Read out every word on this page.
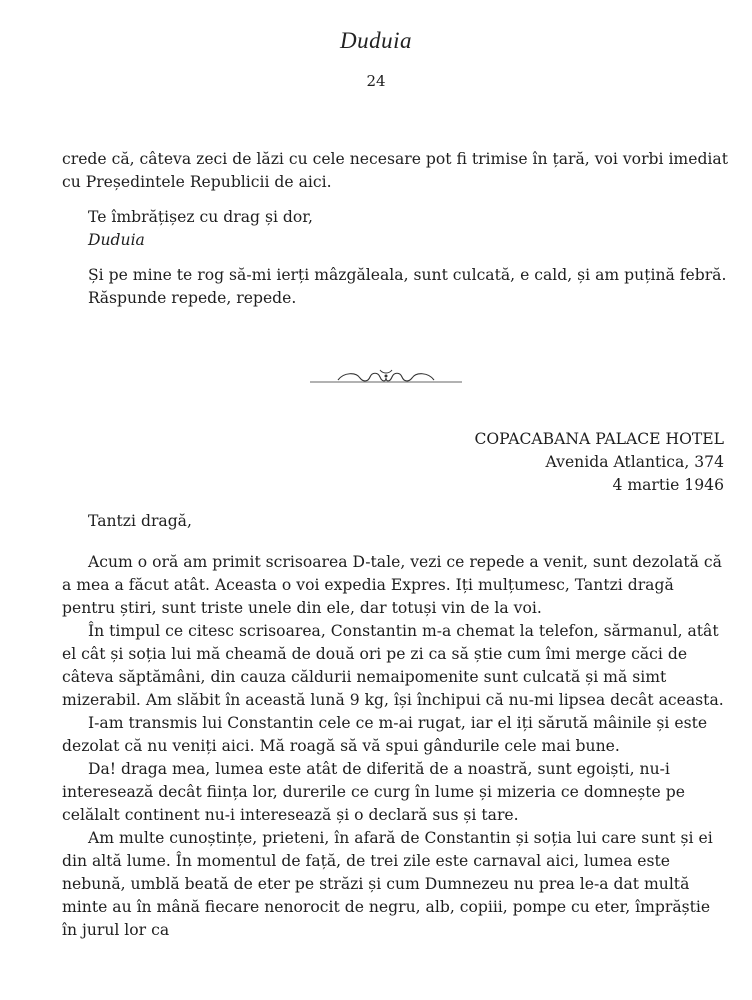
Duduia
24

crede că, câteva zeci de lăzi cu cele necesare pot fi trimise în țară, voi vorbi imediat cu Președintele Republicii de aici.

Te îmbrățișez cu drag și dor,

Duduia

Și pe mine te rog să-mi ierți mâzgăleala, sunt culcată, e cald, și am puțină febră.

Răspunde repede, repede.

COPACABANA PALACE HOTEL
Avenida Atlantica, 374
4 martie 1946

Tantzi dragă,

Acum o oră am primit scrisoarea D-tale, vezi ce repede a venit, sunt dezolată că a mea a făcut atât. Aceasta o voi expedia Expres. Iți mulțumesc, Tantzi dragă pentru știri, sunt triste unele din ele, dar totuși vin de la voi.

În timpul ce citesc scrisoarea, Constantin m-a chemat la telefon, sărmanul, atât el cât și soția lui mă cheamă de două ori pe zi ca să știe cum îmi merge căci de câteva săptămâni, din cauza căldurii nemaipomenite sunt culcată și mă simt mizerabil. Am slăbit în această lună 9 kg, își închipui că nu-mi lipsea decât aceasta.

I-am transmis lui Constantin cele ce m-ai rugat, iar el iți sărută mâinile și este dezolat că nu veniți aici. Mă roagă să vă spui gândurile cele mai bune.

Da! draga mea, lumea este atât de diferită de a noastră, sunt egoiști, nu-i interesează decât ființa lor, durerile ce curg în lume și mizeria ce domnește pe celălalt continent nu-i interesează și o declară sus și tare.

Am multe cunoștințe, prieteni, în afară de Constantin și soția lui care sunt și ei din altă lume. În momentul de față, de trei zile este carnaval aici, lumea este nebună, umblă beată de eter pe străzi și cum Dumnezeu nu prea le-a dat multă minte au în mână fiecare nenorocit de negru, alb, copiii, pompe cu eter, împrăștie în jurul lor ca
